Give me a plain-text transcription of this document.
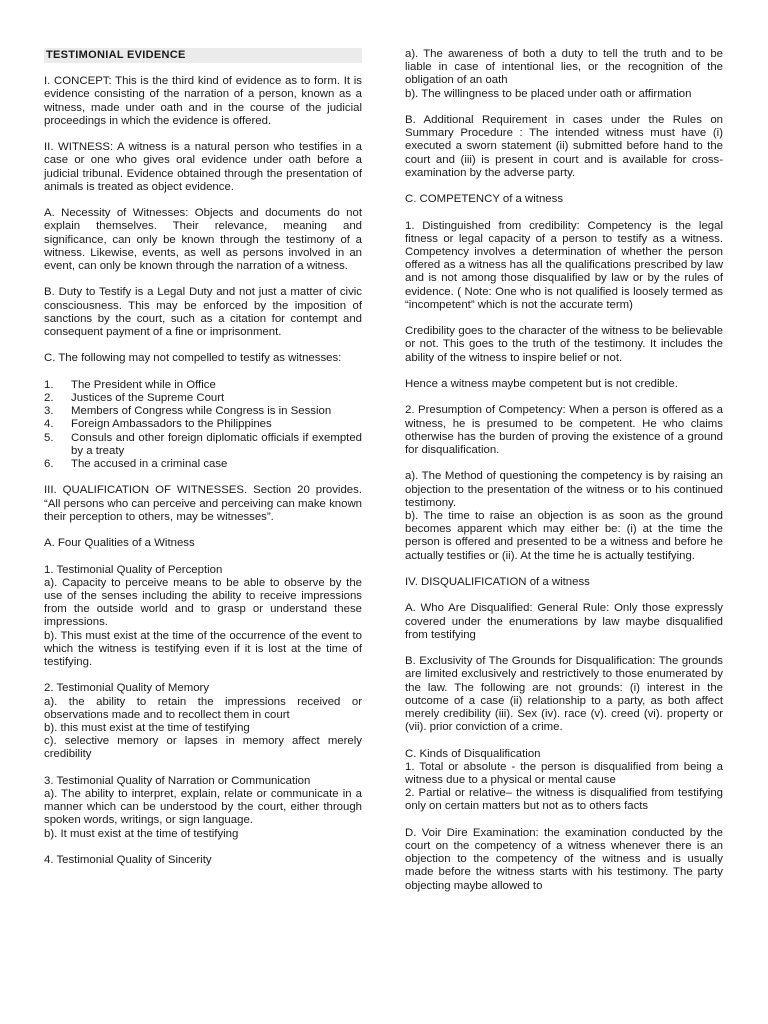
TESTIMONIAL EVIDENCE

I. CONCEPT: This is the third kind of evidence as to form. It is evidence consisting of the narration of a person, known as a witness, made under oath and in the course of the judicial proceedings in which the evidence is offered.

II. WITNESS: A witness is a natural person who testifies in a case or one who gives oral evidence under oath before a judicial tribunal. Evidence obtained through the presentation of animals is treated as object evidence.

A. Necessity of Witnesses: Objects and documents do not explain themselves. Their relevance, meaning and significance, can only be known through the testimony of a witness. Likewise, events, as well as persons involved in an event, can only be known through the narration of a witness.

B. Duty to Testify is a Legal Duty and not just a matter of civic consciousness. This may be enforced by the imposition of sanctions by the court, such as a citation for contempt and consequent payment of a fine or imprisonment.

C. The following may not compelled to testify as witnesses:

1.	The President while in Office
2.	Justices of the Supreme Court
3.	Members of Congress while Congress is in Session
4.	Foreign Ambassadors to the Philippines
5.	Consuls and other foreign diplomatic officials if exempted by a treaty
6.	The accused in a criminal case

III. QUALIFICATION OF WITNESSES. Section 20 provides. “All persons who can perceive and perceiving can make known their perception to others, may be witnesses”.

A. Four Qualities of a Witness

1. Testimonial Quality of Perception

a). Capacity to perceive means to be able to observe by the use of the senses including the ability to receive impressions from the outside world and to grasp or understand these impressions.

b). This must exist at the time of the occurrence of the event to which the witness is testifying even if it is lost at the time of testifying.

2. Testimonial Quality of Memory

a). the ability to retain the impressions received or observations made and to recollect them in court

b). this must exist at the time of testifying

c). selective memory or lapses in memory affect merely credibility

3. Testimonial Quality of Narration or Communication

a). The ability to interpret, explain, relate or communicate in a manner which can be understood by the court, either through spoken words, writings, or sign language.

b). It must exist at the time of testifying

4. Testimonial Quality of Sincerity

a). The awareness of both a duty to tell the truth and to be liable in case of intentional lies, or the recognition of the obligation of an oath

b). The willingness to be placed under oath or affirmation

B. Additional Requirement in cases under the Rules on Summary Procedure : The intended witness must have (i) executed a sworn statement (ii) submitted before hand to the court and (iii) is present in court and is available for cross-examination by the adverse party.

C. COMPETENCY of a witness

1. Distinguished from credibility: Competency is the legal fitness or legal capacity of a person to testify as a witness. Competency involves a determination of whether the person offered as a witness has all the qualifications prescribed by law and is not among those disqualified by law or by the rules of evidence. ( Note: One who is not qualified is loosely termed as “incompetent” which is not the accurate term)

Credibility goes to the character of the witness to be believable or not. This goes to the truth of the testimony. It includes the ability of the witness to inspire belief or not.

Hence a witness maybe competent but is not credible.

2. Presumption of Competency: When a person is offered as a witness, he is presumed to be competent. He who claims otherwise has the burden of proving the existence of a ground for disqualification.

a). The Method of questioning the competency is by raising an objection to the presentation of the witness or to his continued testimony.

b). The time to raise an objection is as soon as the ground becomes apparent which may either be: (i) at the time the person is offered and presented to be a witness and before he actually testifies or (ii). At the time he is actually testifying.

IV. DISQUALIFICATION of a witness

A. Who Are Disqualified: General Rule: Only those expressly covered under the enumerations by law maybe disqualified from testifying

B. Exclusivity of The Grounds for Disqualification: The grounds are limited exclusively and restrictively to those enumerated by the law. The following are not grounds: (i) interest in the outcome of a case (ii) relationship to a party, as both affect merely credibility (iii). Sex (iv). race (v). creed (vi). property or (vii). prior conviction of a crime.

C. Kinds of Disqualification

1. Total or absolute - the person is disqualified from being a witness due to a physical or mental cause

2. Partial or relative– the witness is disqualified from testifying only on certain matters but not as to others facts

D. Voir Dire Examination: the examination conducted by the court on the competency of a witness whenever there is an objection to the competency of the witness and is usually made before the witness starts with his testimony. The party objecting maybe allowed to
